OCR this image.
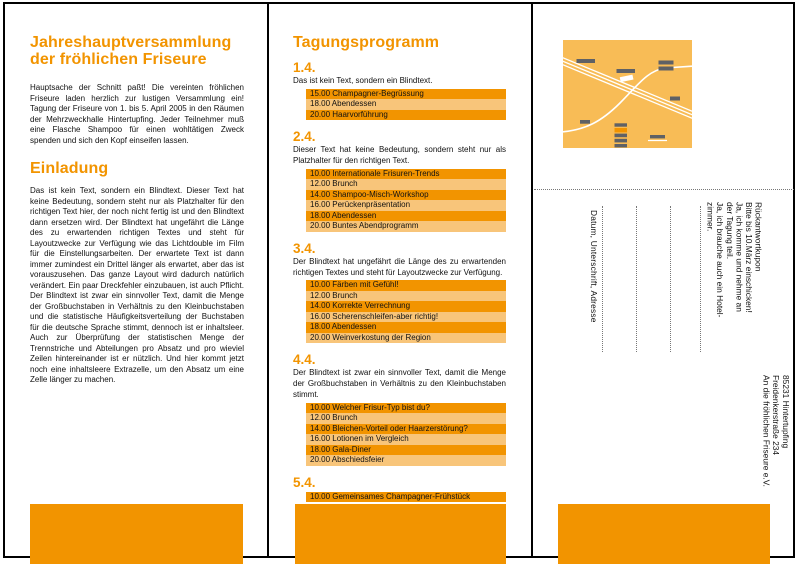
Jahreshauptversammlung der fröhlichen Friseure

Hauptsache der Schnitt paßt! Die vereinten fröhlichen Friseure laden herzlich zur lustigen Versammlung ein! Tagung der Friseure von 1. bis 5. April 2005 in den Räumen der Mehrzweckhalle Hintertupfing. Jeder Teilnehmer muß eine Flasche Shampoo für einen wohltätigen Zweck spenden und sich den Kopf einseifen lassen.

Einladung

Das ist kein Text, sondern ein Blindtext. Dieser Text hat keine Bedeutung, sondern steht nur als Platzhalter für den richtigen Text hier, der noch nicht fertig ist und den Blindtext dann ersetzen wird. Der Blindtext hat ungefährt die Länge des zu erwartenden richtigen Textes und steht für Layoutzwecke zur Verfügung wie das Lichtdouble im Film für die Einstellungsarbeiten. Der erwartete Text ist dann immer zumindest ein Drittel länger als erwartet, aber das ist vorauszusehen. Das ganze Layout wird dadurch natürlich verändert. Ein paar Dreckfehler einzubauen, ist auch Pflicht. Der Blindtext ist zwar ein sinnvoller Text, damit die Menge der Großbuchstaben in Verhältnis zu den Kleinbuchstaben und die statistische Häufigkeitsverteilung der Buchstaben für die deutsche Sprache stimmt, dennoch ist er inhaltsleer. Auch zur Überprüfung der statistischen Menge der Trennstriche und Abteilungen pro Absatz und pro wieviel Zeilen hintereinander ist er nützlich. Und hier kommt jetzt noch eine inhaltsleere Extrazelle, um den Absatz um eine Zelle länger zu machen.

Tagungsprogramm
1.4.

Das ist kein Text, sondern ein Blindtext.

15.00 Champagner-Begrüssung
18.00 Abendessen
20.00 Haarvorführung
2.4.

Dieser Text hat keine Bedeutung, sondern steht nur als Platzhalter für den richtigen Text.

10.00 Internationale Frisuren-Trends
12.00 Brunch
14.00 Shampoo-Misch-Workshop
16.00 Perückenpräsentation
18.00 Abendessen
20.00 Buntes Abendprogramm
3.4.

Der Blindtext hat ungefährt die Länge des zu erwartenden richtigen Textes und steht für Layoutzwecke zur Verfügung.

10.00 Färben mit Gefühl!
12.00 Brunch
14.00 Korrekte Verrechnung
16.00 Scherenschleifen-aber richtig!
18.00 Abendessen
20.00 Weinverkostung der Region
4.4.

Der Blindtext ist zwar ein sinnvoller Text, damit die Menge der Großbuchstaben in Verhältnis zu den Kleinbuchstaben stimmt.

10.00 Welcher Frisur-Typ bist du?
12.00 Brunch
14.00 Bleichen-Vorteil oder Haarzerstörung?
16.00 Lotionen im Vergleich
18.00 Gala-Diner
20.00 Abschiedsfeier
5.4.
10.00 Gemeinsames Champagner-Frühstück
Datum, Unterschrift, Adresse	Rückantwortkupon
Bitte bis 10.März einschicken!
Ja, ich komme und nehme an
der Tagung teil.
Ja, ich brauche auch ein Hotel-
zimmer.
An die fröhlichen Friseure e.V. Freidenkerstraße 234 85231 Hintertupfing
